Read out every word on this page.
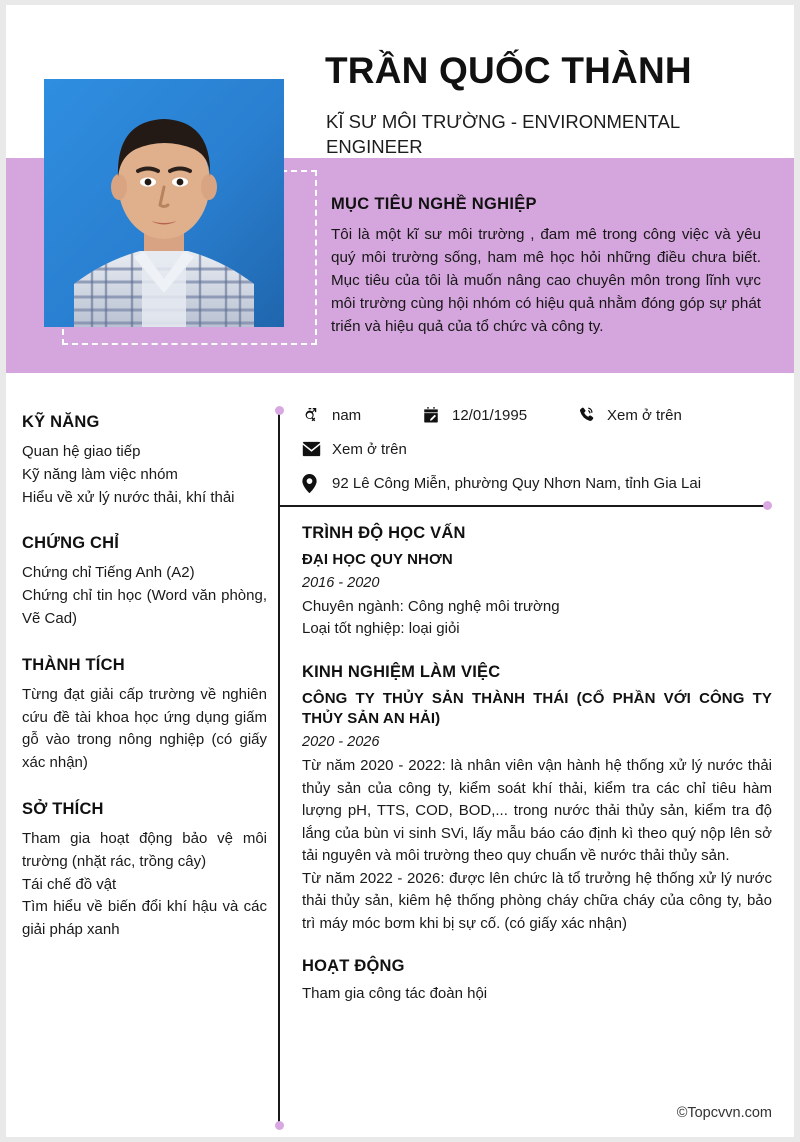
TRẦN QUỐC THÀNH
KĨ SƯ MÔI TRƯỜNG - ENVIRONMENTAL ENGINEER
MỤC TIÊU NGHỀ NGHIỆP

Tôi là một kĩ sư môi trường , đam mê trong công việc và yêu quý môi trường sống, ham mê học hỏi những điều chưa biết. Mục tiêu của tôi là muốn nâng cao chuyên môn trong lĩnh vực môi trường cùng hội nhóm có hiệu quả nhằm đóng góp sự phát triển và hiệu quả của tổ chức và công ty.

KỸ NĂNG
Quan hệ giao tiếp
Kỹ năng làm việc nhóm
Hiểu về xử lý nước thải, khí thải
CHỨNG CHỈ
Chứng chỉ Tiếng Anh (A2)
Chứng chỉ tin học (Word văn phòng, Vẽ Cad)
THÀNH TÍCH
Từng đạt giải cấp trường về nghiên cứu đề tài khoa học ứng dụng giấm gỗ vào trong nông nghiệp (có giấy xác nhận)
SỞ THÍCH
Tham gia hoạt động bảo vệ môi trường (nhặt rác, trồng cây)
Tái chế đồ vật
Tìm hiểu về biến đổi khí hậu và các giải pháp xanh
nam	12/01/1995	Xem ở trên
Xem ở trên
92 Lê Công Miễn, phường Quy Nhơn Nam, tỉnh Gia Lai
TRÌNH ĐỘ HỌC VẤN
ĐẠI HỌC QUY NHƠN
2016 - 2020

Chuyên ngành: Công nghệ môi trường

Loại tốt nghiệp: loại giỏi

KINH NGHIỆM LÀM VIỆC
CÔNG TY THỦY SẢN THÀNH THÁI (CỔ PHẦN VỚI CÔNG TY THỦY SẢN AN HẢI)
2020 - 2026

Từ năm 2020 - 2022: là nhân viên vận hành hệ thống xử lý nước thải thủy sản của công ty, kiểm soát khí thải, kiểm tra các chỉ tiêu hàm lượng pH, TTS, COD, BOD,... trong nước thải thủy sản, kiểm tra độ lắng của bùn vi sinh SVi, lấy mẫu báo cáo định kì theo quý nộp lên sở tải nguyên và môi trường theo quy chuẩn về nước thải thủy sản.

Từ năm 2022 - 2026: được lên chức là tổ trưởng hệ thống xử lý nước thải thủy sản, kiêm hệ thống phòng cháy chữa cháy của công ty, bảo trì máy móc bơm khi bị sự cố. (có giấy xác nhận)

HOẠT ĐỘNG

Tham gia công tác đoàn hội

©Topcvvn.com
